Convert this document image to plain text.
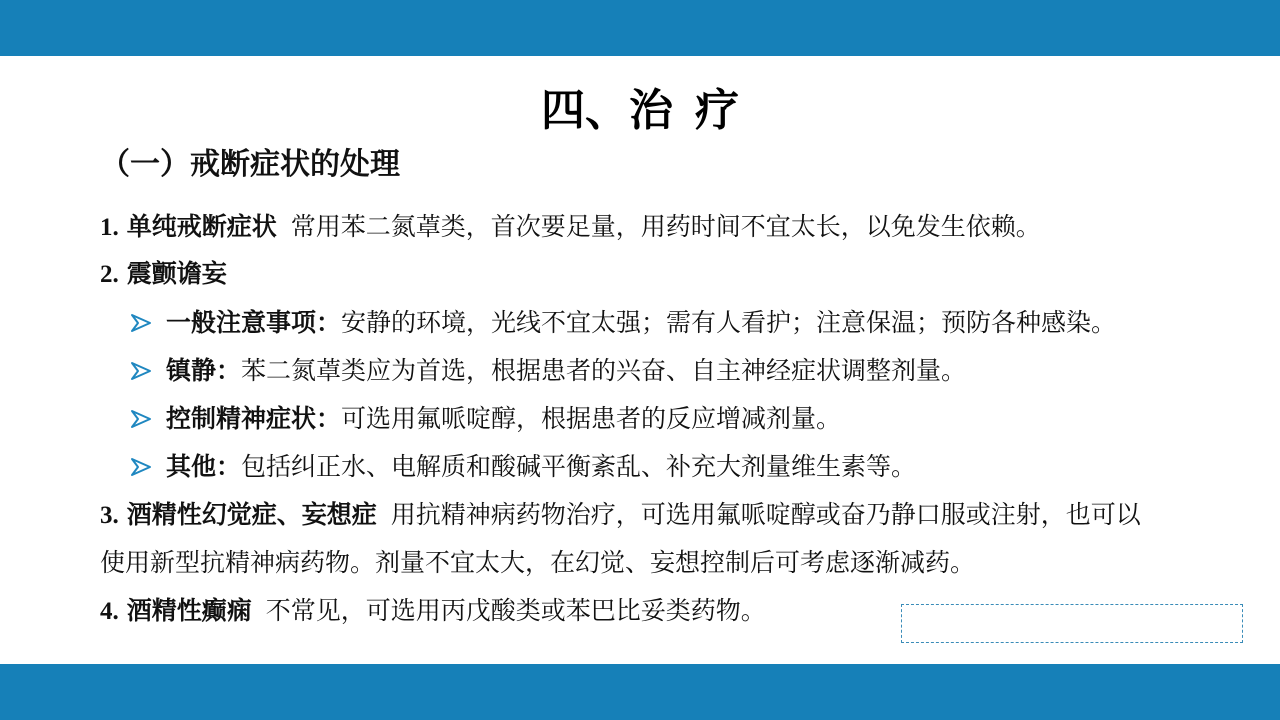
四、治 疗
（一）戒断症状的处理
1. 单纯戒断症状 常用苯二氮䓬类，首次要足量，用药时间不宜太长，以免发生依赖。
2. 震颤谵妄
一般注意事项：安静的环境，光线不宜太强；需有人看护；注意保温；预防各种感染。
镇静：苯二氮䓬类应为首选，根据患者的兴奋、自主神经症状调整剂量。
控制精神症状：可选用氟哌啶醇，根据患者的反应增减剂量。
其他：包括纠正水、电解质和酸碱平衡紊乱、补充大剂量维生素等。
3. 酒精性幻觉症、妄想症 用抗精神病药物治疗，可选用氟哌啶醇或奋乃静口服或注射，也可以
使用新型抗精神病药物。剂量不宜太大，在幻觉、妄想控制后可考虑逐渐减药。
4. 酒精性癫痫 不常见，可选用丙戊酸类或苯巴比妥类药物。
